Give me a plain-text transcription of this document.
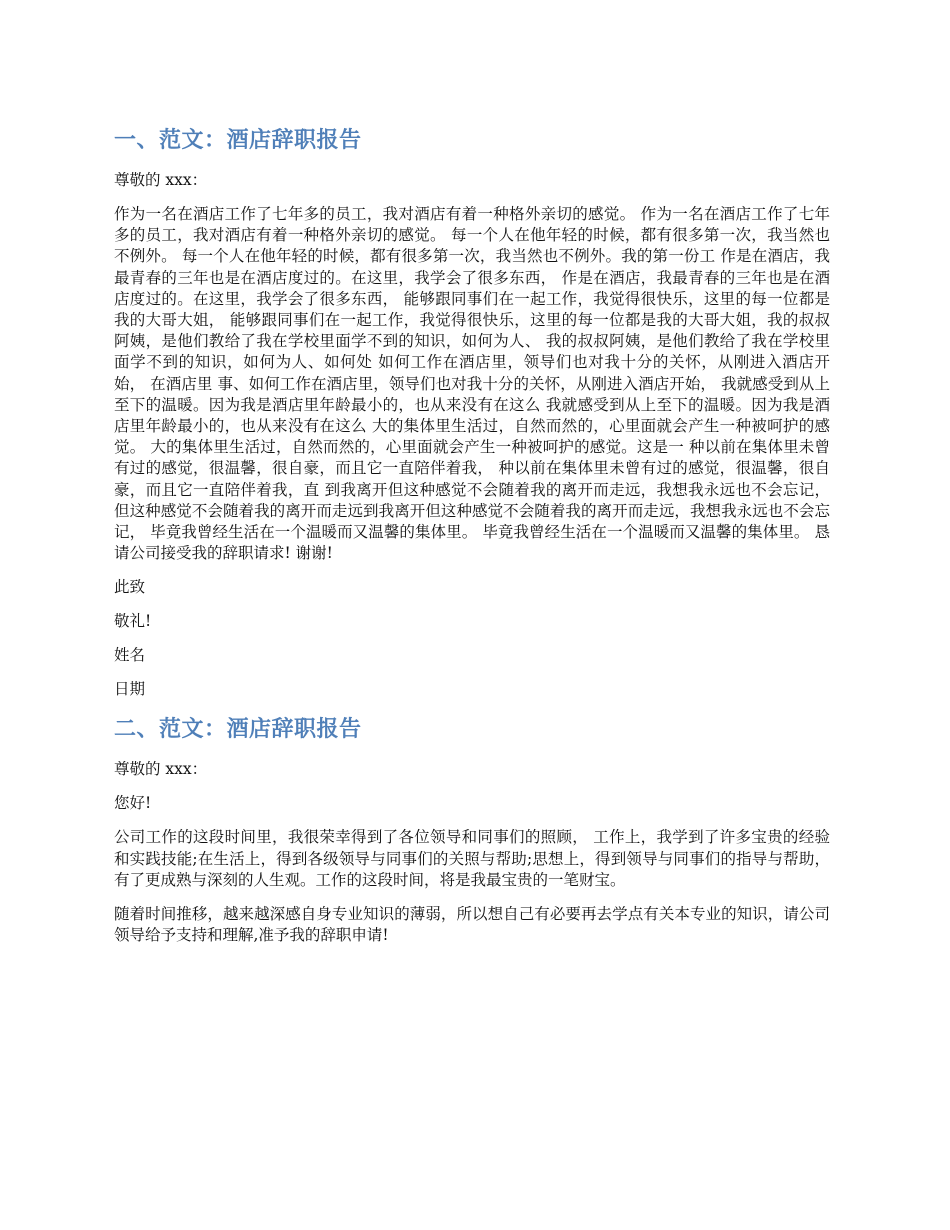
一、范文：酒店辞职报告

尊敬的 xxx：

作为一名在酒店工作了七年多的员工，我对酒店有着一种格外亲切的感觉。 作为一名在酒店工作了七年多的员工，我对酒店有着一种格外亲切的感觉。 每一个人在他年轻的时候，都有很多第一次，我当然也不例外。 每一个人在他年轻的时候，都有很多第一次，我当然也不例外。我的第一份工 作是在酒店，我最青春的三年也是在酒店度过的。在这里，我学会了很多东西， 作是在酒店，我最青春的三年也是在酒店度过的。在这里，我学会了很多东西， 能够跟同事们在一起工作，我觉得很快乐，这里的每一位都是我的大哥大姐， 能够跟同事们在一起工作，我觉得很快乐，这里的每一位都是我的大哥大姐，我的叔叔阿姨，是他们教给了我在学校里面学不到的知识，如何为人、 我的叔叔阿姨，是他们教给了我在学校里面学不到的知识，如何为人、如何处 如何工作在酒店里，领导们也对我十分的关怀，从刚进入酒店开始， 在酒店里 事、如何工作在酒店里，领导们也对我十分的关怀，从刚进入酒店开始， 我就感受到从上至下的温暖。因为我是酒店里年龄最小的，也从来没有在这么 我就感受到从上至下的温暖。因为我是酒店里年龄最小的，也从来没有在这么 大的集体里生活过，自然而然的，心里面就会产生一种被呵护的感觉。 大的集体里生活过，自然而然的，心里面就会产生一种被呵护的感觉。这是一 种以前在集体里未曾有过的感觉，很温馨，很自豪，而且它一直陪伴着我， 种以前在集体里未曾有过的感觉，很温馨，很自豪，而且它一直陪伴着我，直 到我离开但这种感觉不会随着我的离开而走远，我想我永远也不会忘记， 但这种感觉不会随着我的离开而走远到我离开但这种感觉不会随着我的离开而走远，我想我永远也不会忘记， 毕竟我曾经生活在一个温暖而又温馨的集体里。 毕竟我曾经生活在一个温暖而又温馨的集体里。 恳请公司接受我的辞职请求! 谢谢!

此致

敬礼!

姓名

日期

二、范文：酒店辞职报告

尊敬的 xxx：

您好!

公司工作的这段时间里，我很荣幸得到了各位领导和同事们的照顾， 工作上，我学到了许多宝贵的经验和实践技能;在生活上，得到各级领导与同事们的关照与帮助;思想上，得到领导与同事们的指导与帮助，有了更成熟与深刻的人生观。工作的这段时间，将是我最宝贵的一笔财宝。

随着时间推移，越来越深感自身专业知识的薄弱，所以想自己有必要再去学点有关本专业的知识，请公司领导给予支持和理解,准予我的辞职申请!
